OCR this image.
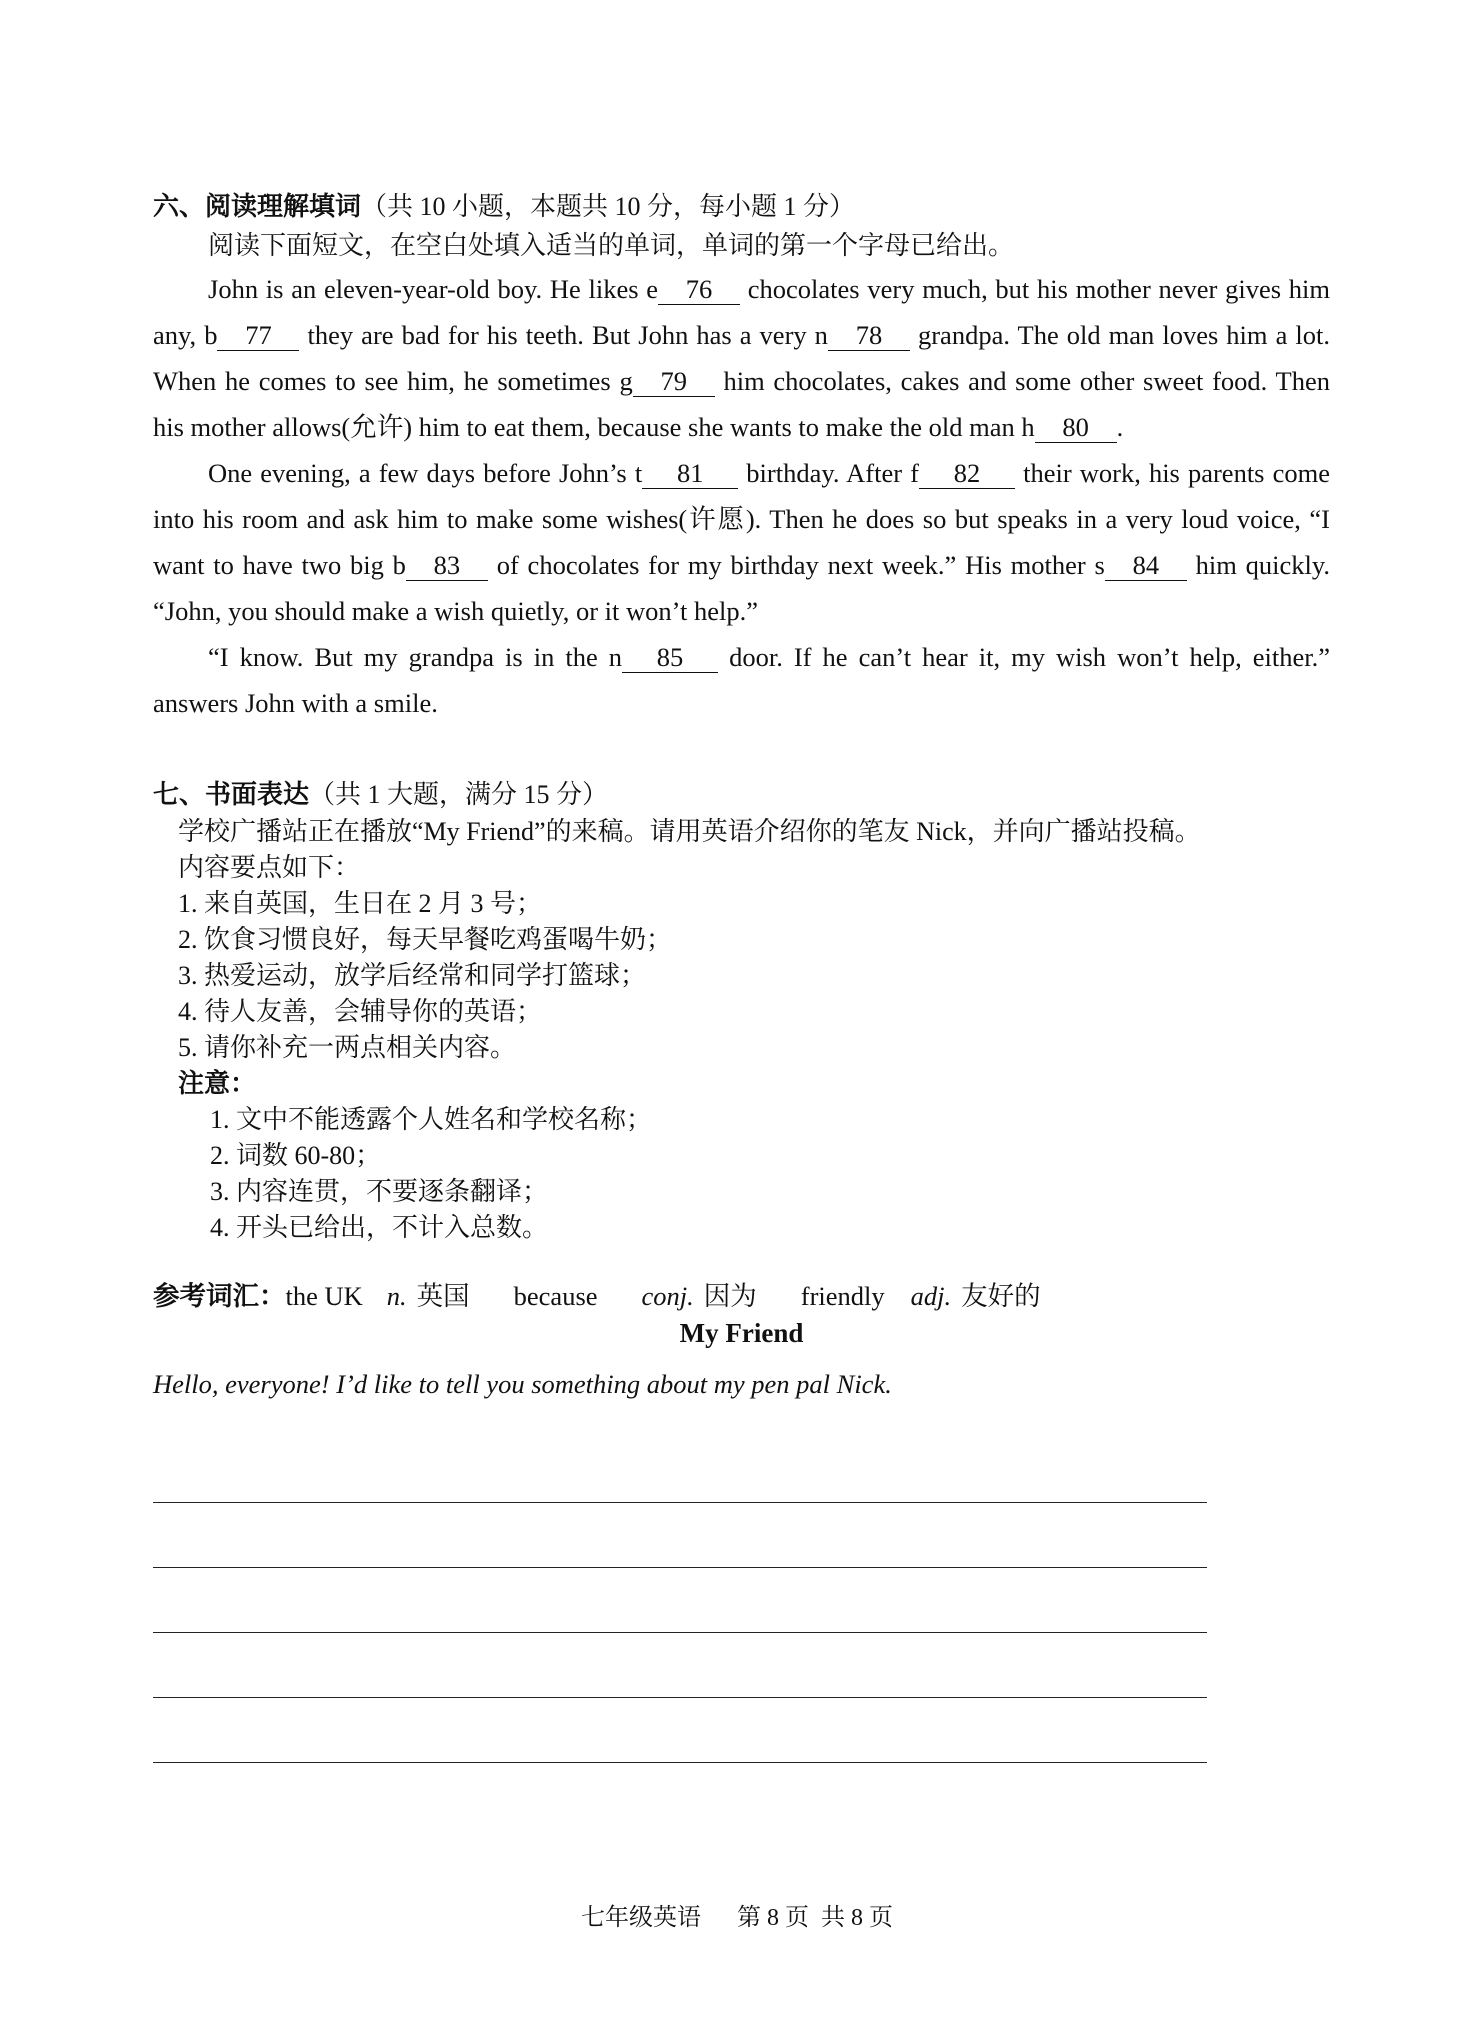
六、阅读理解填词（共 10 小题，本题共 10 分，每小题 1 分）

阅读下面短文，在空白处填入适当的单词，单词的第一个字母已给出。

John is an eleven-year-old boy. He likes e 76 chocolates very much, but his mother never gives him any, b 77 they are bad for his teeth. But John has a very n 78 grandpa. The old man loves him a lot. When he comes to see him, he sometimes g 79 him chocolates, cakes and some other sweet food. Then his mother allows(允许) him to eat them, because she wants to make the old man h 80 .

One evening, a few days before John’s t 81 birthday. After f 82 their work, his parents come into his room and ask him to make some wishes(许愿). Then he does so but speaks in a very loud voice, “I want to have two big b 83 of chocolates for my birthday next week.” His mother s 84 him quickly. “John, you should make a wish quietly, or it won’t help.”

“I know. But my grandpa is in the n 85 door. If he can’t hear it, my wish won’t help, either.” answers John with a smile.

七、书面表达（共 1 大题，满分 15 分）

学校广播站正在播放“My Friend”的来稿。请用英语介绍你的笔友 Nick，并向广播站投稿。

内容要点如下：

1. 来自英国，生日在 2 月 3 号；

2. 饮食习惯良好，每天早餐吃鸡蛋喝牛奶；

3. 热爱运动，放学后经常和同学打篮球；

4. 待人友善，会辅导你的英语；

5. 请你补充一两点相关内容。

注意：

1. 文中不能透露个人姓名和学校名称；

2. 词数 60-80；

3. 内容连贯，不要逐条翻译；

4. 开头已给出，不计入总数。

参考词汇：the UK n. 英国 because conj. 因为 friendly adj. 友好的

My Friend

Hello, everyone! I’d like to tell you something about my pen pal Nick.

七年级英语      第 8 页  共 8 页
